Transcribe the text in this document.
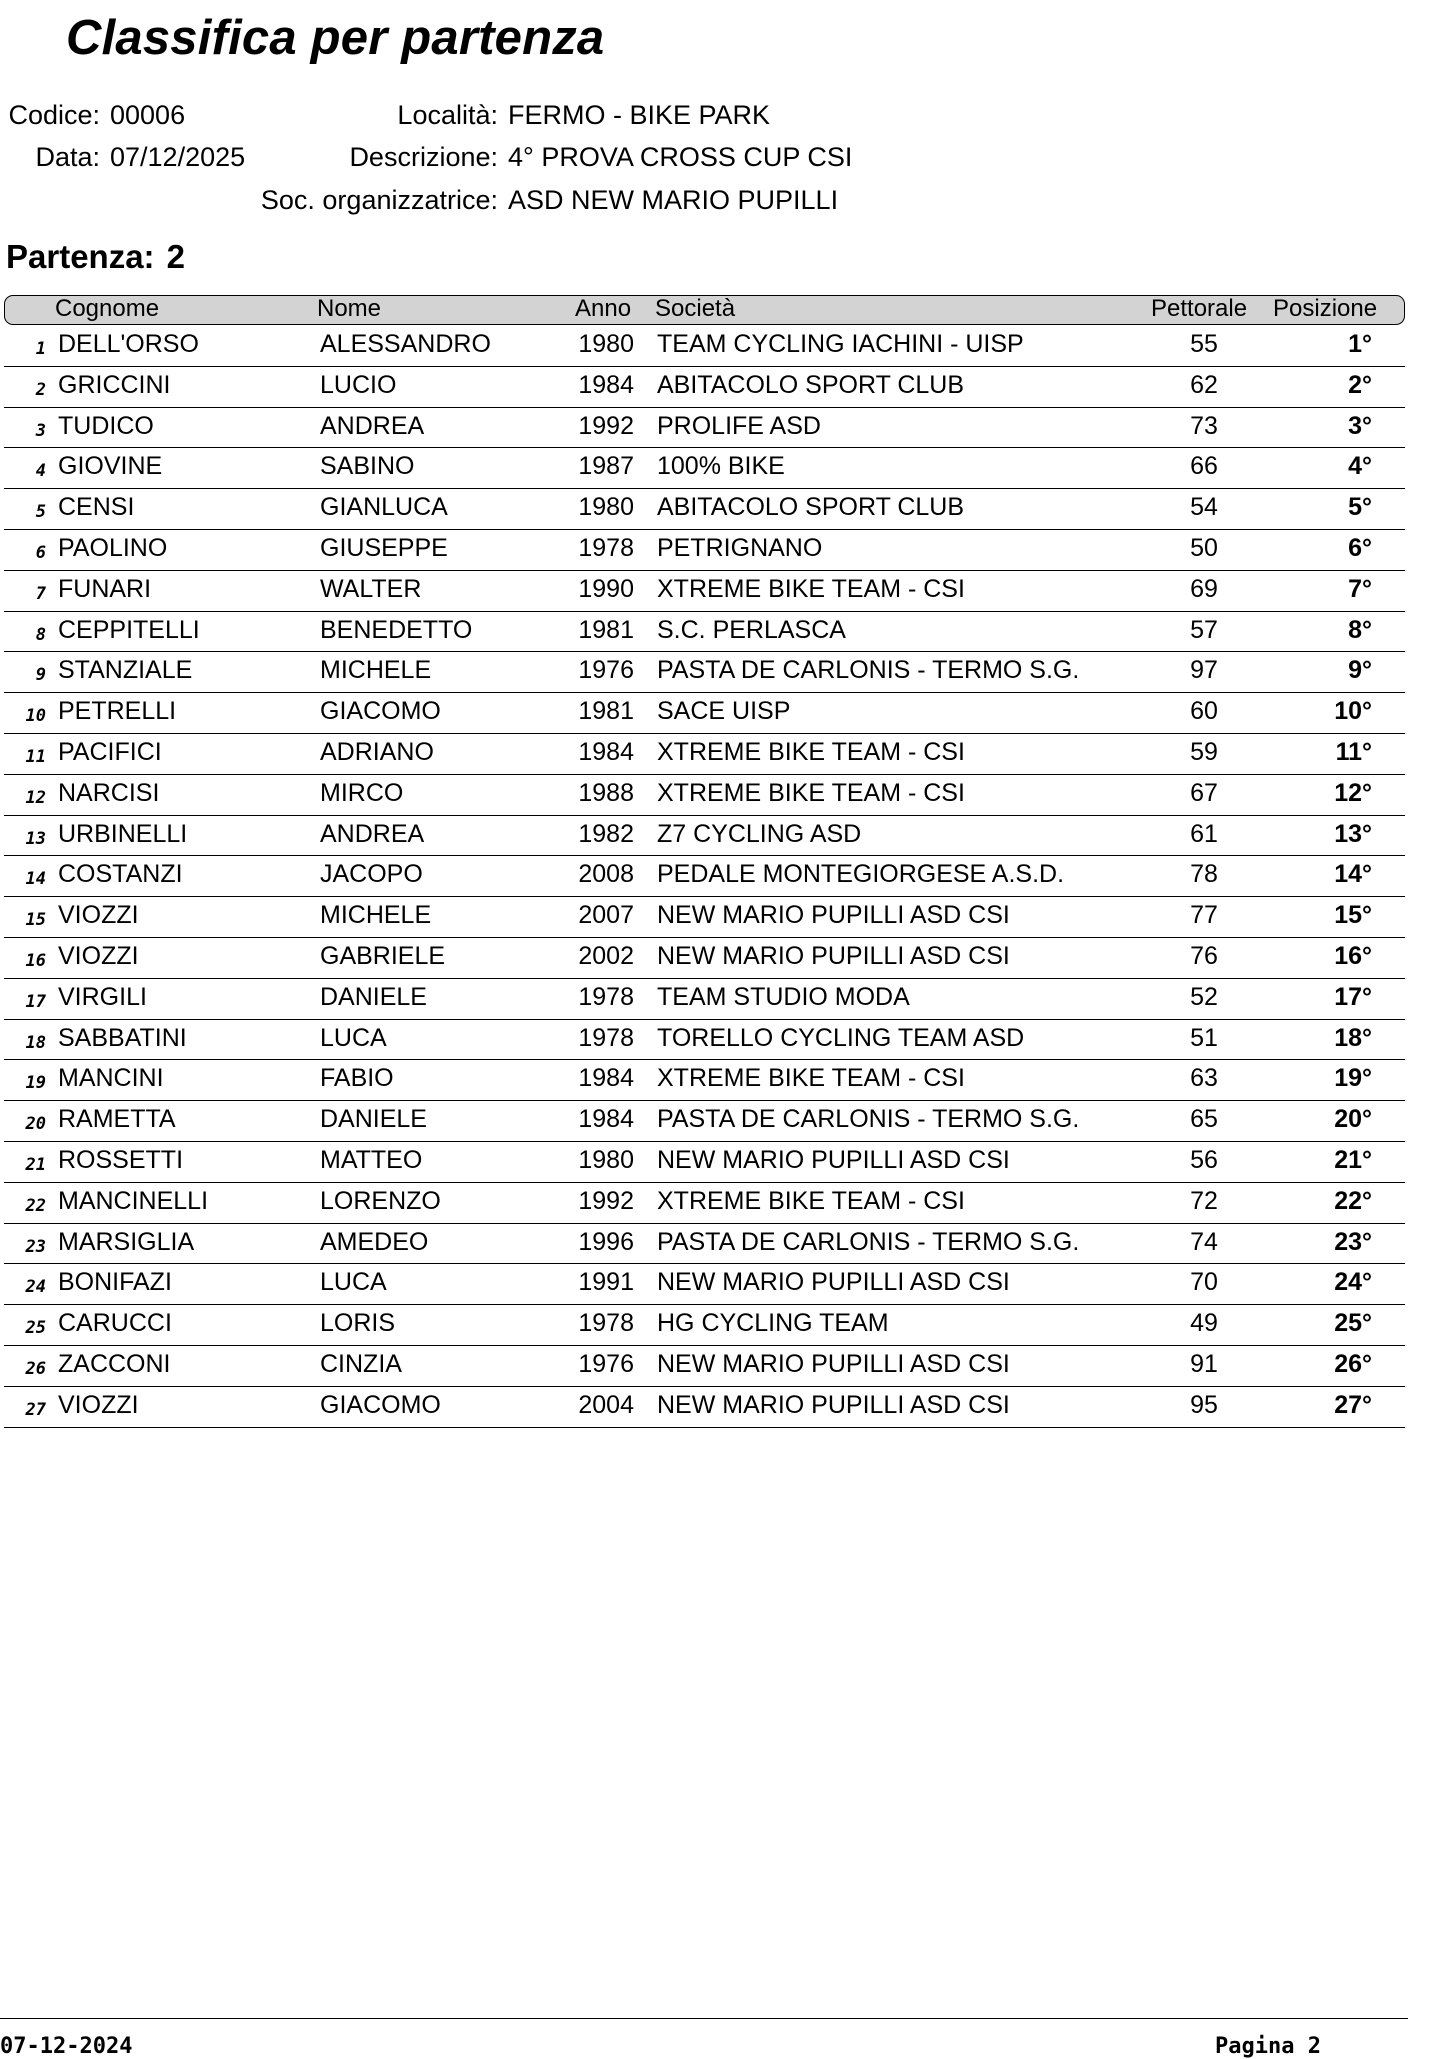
Classifica per partenza
Codice: 00006
Data: 07/12/2025
Località: FERMO - BIKE PARK
Descrizione: 4° PROVA CROSS CUP CSI
Soc. organizzatrice: ASD NEW MARIO PUPILLI
Partenza: 2
Cognome	Nome	Anno Società	Pettorale Posizione
1 DELL'ORSO	ALESSANDRO	1980 TEAM CYCLING IACHINI - UISP	55	1°
2 GRICCINI	LUCIO	1984 ABITACOLO SPORT CLUB	62	2°
3 TUDICO	ANDREA	1992 PROLIFE ASD	73	3°
4 GIOVINE	SABINO	1987 100% BIKE	66	4°
5 CENSI	GIANLUCA	1980 ABITACOLO SPORT CLUB	54	5°
6 PAOLINO	GIUSEPPE	1978 PETRIGNANO	50	6°
7 FUNARI	WALTER	1990 XTREME BIKE TEAM - CSI	69	7°
8 CEPPITELLI	BENEDETTO	1981 S.C. PERLASCA	57	8°
9 STANZIALE	MICHELE	1976 PASTA DE CARLONIS - TERMO S.G.	97	9°
10 PETRELLI	GIACOMO	1981 SACE UISP	60	10°
11 PACIFICI	ADRIANO	1984 XTREME BIKE TEAM - CSI	59	11°
12 NARCISI	MIRCO	1988 XTREME BIKE TEAM - CSI	67	12°
13 URBINELLI	ANDREA	1982 Z7 CYCLING ASD	61	13°
14 COSTANZI	JACOPO	2008 PEDALE MONTEGIORGESE A.S.D.	78	14°
15 VIOZZI	MICHELE	2007 NEW MARIO PUPILLI ASD CSI	77	15°
16 VIOZZI	GABRIELE	2002 NEW MARIO PUPILLI ASD CSI	76	16°
17 VIRGILI	DANIELE	1978 TEAM STUDIO MODA	52	17°
18 SABBATINI	LUCA	1978 TORELLO CYCLING TEAM ASD	51	18°
19 MANCINI	FABIO	1984 XTREME BIKE TEAM - CSI	63	19°
20 RAMETTA	DANIELE	1984 PASTA DE CARLONIS - TERMO S.G.	65	20°
21 ROSSETTI	MATTEO	1980 NEW MARIO PUPILLI ASD CSI	56	21°
22 MANCINELLI	LORENZO	1992 XTREME BIKE TEAM - CSI	72	22°
23 MARSIGLIA	AMEDEO	1996 PASTA DE CARLONIS - TERMO S.G.	74	23°
24 BONIFAZI	LUCA	1991 NEW MARIO PUPILLI ASD CSI	70	24°
25 CARUCCI	LORIS	1978 HG CYCLING TEAM	49	25°
26 ZACCONI	CINZIA	1976 NEW MARIO PUPILLI ASD CSI	91	26°
27 VIOZZI	GIACOMO	2004 NEW MARIO PUPILLI ASD CSI	95	27°
07-12-2024	Pagina 2
